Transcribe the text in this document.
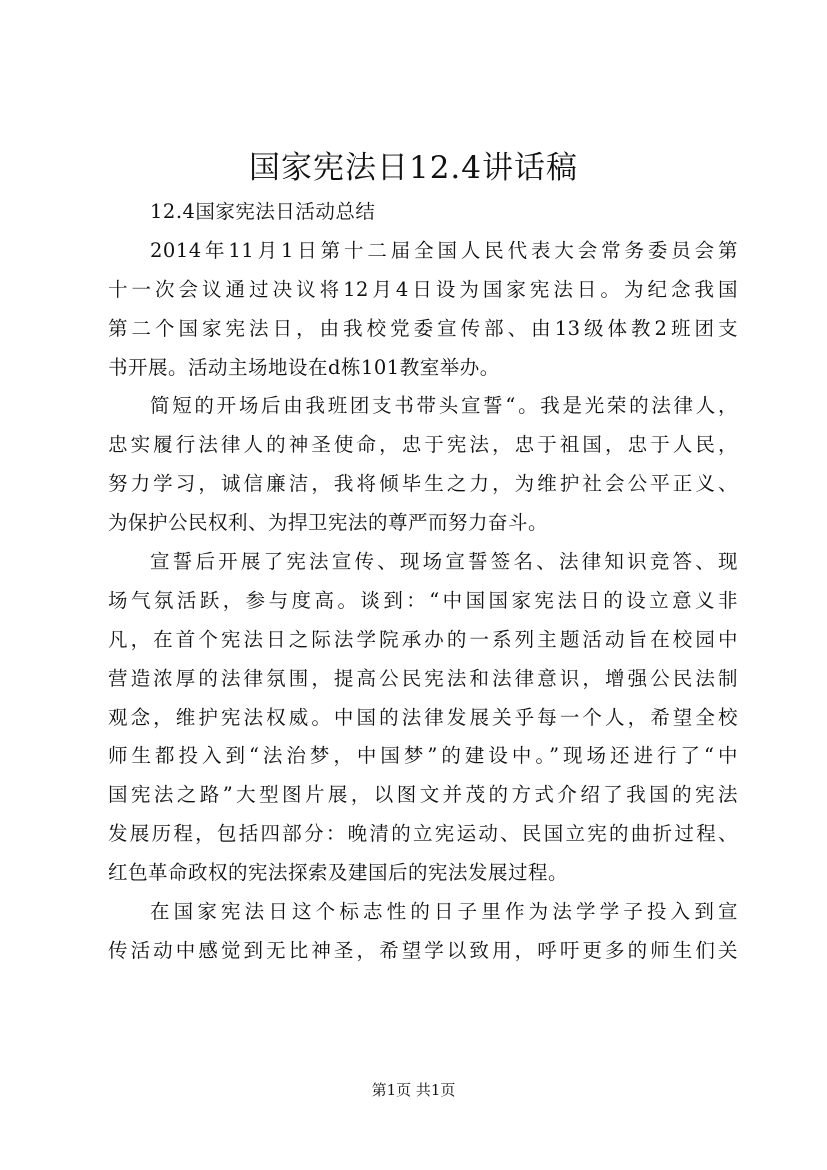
国家宪法日12.4讲话稿
12.4国家宪法日活动总结
2014年11月1日第十二届全国人民代表大会常务委员会第
十一次会议通过决议将12月4日设为国家宪法日。为纪念我国
第二个国家宪法日，由我校党委宣传部、由13级体教2班团支
书开展。活动主场地设在d栋101教室举办。
简短的开场后由我班团支书带头宣誓“。我是光荣的法律人，
忠实履行法律人的神圣使命，忠于宪法，忠于祖国，忠于人民，
努力学习，诚信廉洁，我将倾毕生之力，为维护社会公平正义、
为保护公民权利、为捍卫宪法的尊严而努力奋斗。
宣誓后开展了宪法宣传、现场宣誓签名、法律知识竞答、现
场气氛活跃，参与度高。谈到：“中国国家宪法日的设立意义非
凡，在首个宪法日之际法学院承办的一系列主题活动旨在校园中
营造浓厚的法律氛围，提高公民宪法和法律意识，增强公民法制
观念，维护宪法权威。中国的法律发展关乎每一个人，希望全校
师生都投入到“法治梦，中国梦”的建设中。”现场还进行了“中
国宪法之路”大型图片展，以图文并茂的方式介绍了我国的宪法
发展历程，包括四部分：晚清的立宪运动、民国立宪的曲折过程、
红色革命政权的宪法探索及建国后的宪法发展过程。
在国家宪法日这个标志性的日子里作为法学学子投入到宣
传活动中感觉到无比神圣，希望学以致用，呼吁更多的师生们关
第1页 共1页
